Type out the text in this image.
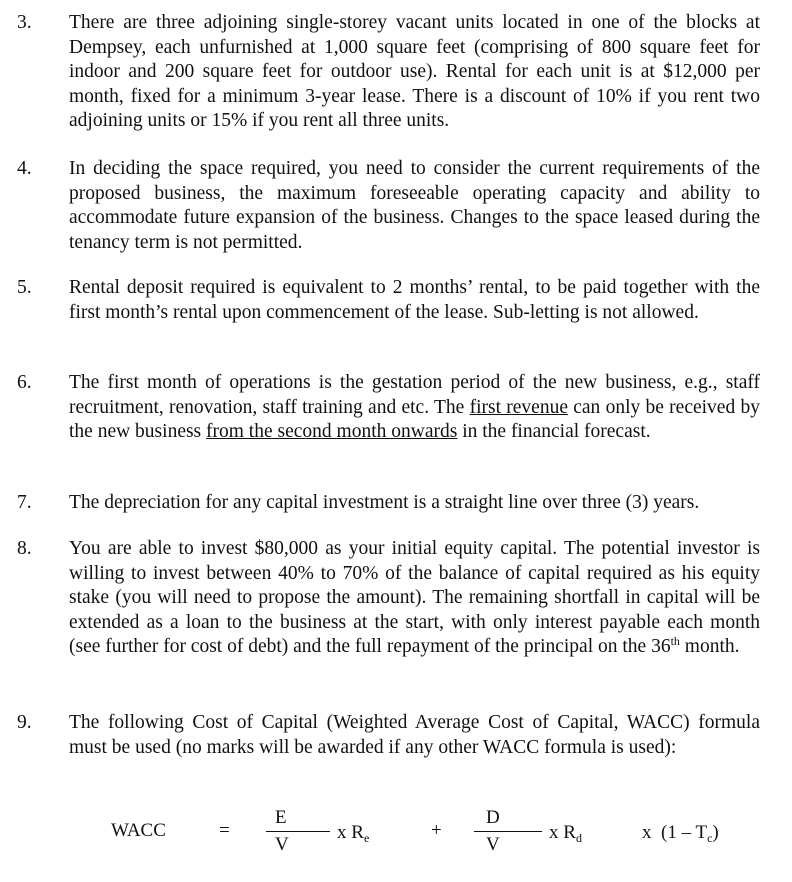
3. There are three adjoining single-storey vacant units located in one of the blocks at Dempsey, each unfurnished at 1,000 square feet (comprising of 800 square feet for indoor and 200 square feet for outdoor use). Rental for each unit is at $12,000 per month, fixed for a minimum 3-year lease. There is a discount of 10% if you rent two adjoining units or 15% if you rent all three units.

4. In deciding the space required, you need to consider the current requirements of the proposed business, the maximum foreseeable operating capacity and ability to accommodate future expansion of the business. Changes to the space leased during the tenancy term is not permitted.

5. Rental deposit required is equivalent to 2 months’ rental, to be paid together with the first month’s rental upon commencement of the lease. Sub-letting is not allowed.

6. The first month of operations is the gestation period of the new business, e.g., staff recruitment, renovation, staff training and etc. The first revenue can only be received by the new business from the second month onwards in the financial forecast.

7. The depreciation for any capital investment is a straight line over three (3) years.

8. You are able to invest $80,000 as your initial equity capital. The potential investor is willing to invest between 40% to 70% of the balance of capital required as his equity stake (you will need to propose the amount). The remaining shortfall in capital will be extended as a loan to the business at the start, with only interest payable each month (see further for cost of debt) and the full repayment of the principal on the 36th month.

9. The following Cost of Capital (Weighted Average Cost of Capital, WACC) formula must be used (no marks will be awarded if any other WACC formula is used):

WACC	=
E
V
x $R_e$	+
D
V
x $R_d$	x  $(1 - T_c)$
